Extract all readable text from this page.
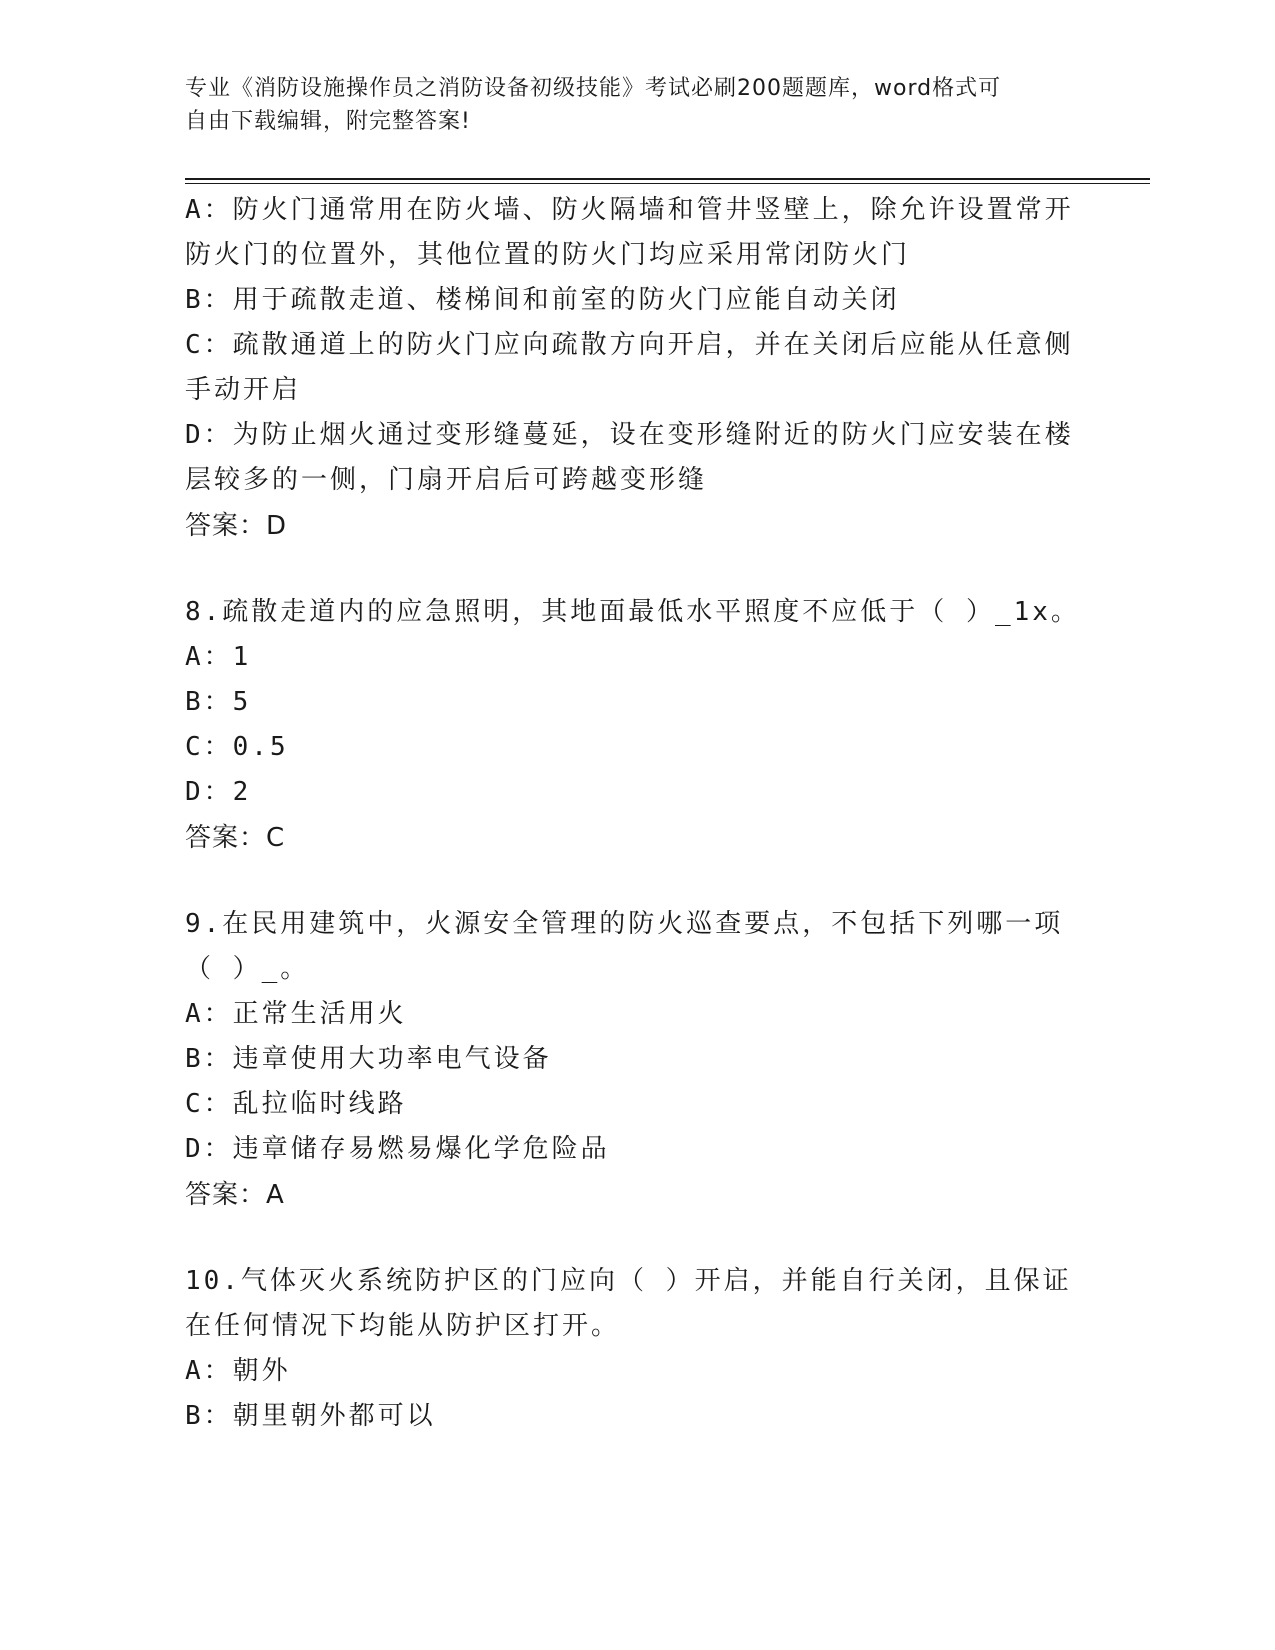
专业《消防设施操作员之消防设备初级技能》考试必刷200题题库，word格式可
自由下载编辑，附完整答案!
A：防火门通常用在防火墙、防火隔墙和管井竖壁上，除允许设置常开
防火门的位置外，其他位置的防火门均应采用常闭防火门
B：用于疏散走道、楼梯间和前室的防火门应能自动关闭
C：疏散通道上的防火门应向疏散方向开启，并在关闭后应能从任意侧
手动开启
D：为防止烟火通过变形缝蔓延，设在变形缝附近的防火门应安装在楼
层较多的一侧，门扇开启后可跨越变形缝
答案：D
8.疏散走道内的应急照明，其地面最低水平照度不应低于（ ）_1x。
A：1
B：5
C：0.5
D：2
答案：C
9.在民用建筑中，火源安全管理的防火巡查要点，不包括下列哪一项
（ ）_。
A：正常生活用火
B：违章使用大功率电气设备
C：乱拉临时线路
D：违章储存易燃易爆化学危险品
答案：A
10.气体灭火系统防护区的门应向（ ）开启，并能自行关闭，且保证
在任何情况下均能从防护区打开。
A：朝外
B：朝里朝外都可以
